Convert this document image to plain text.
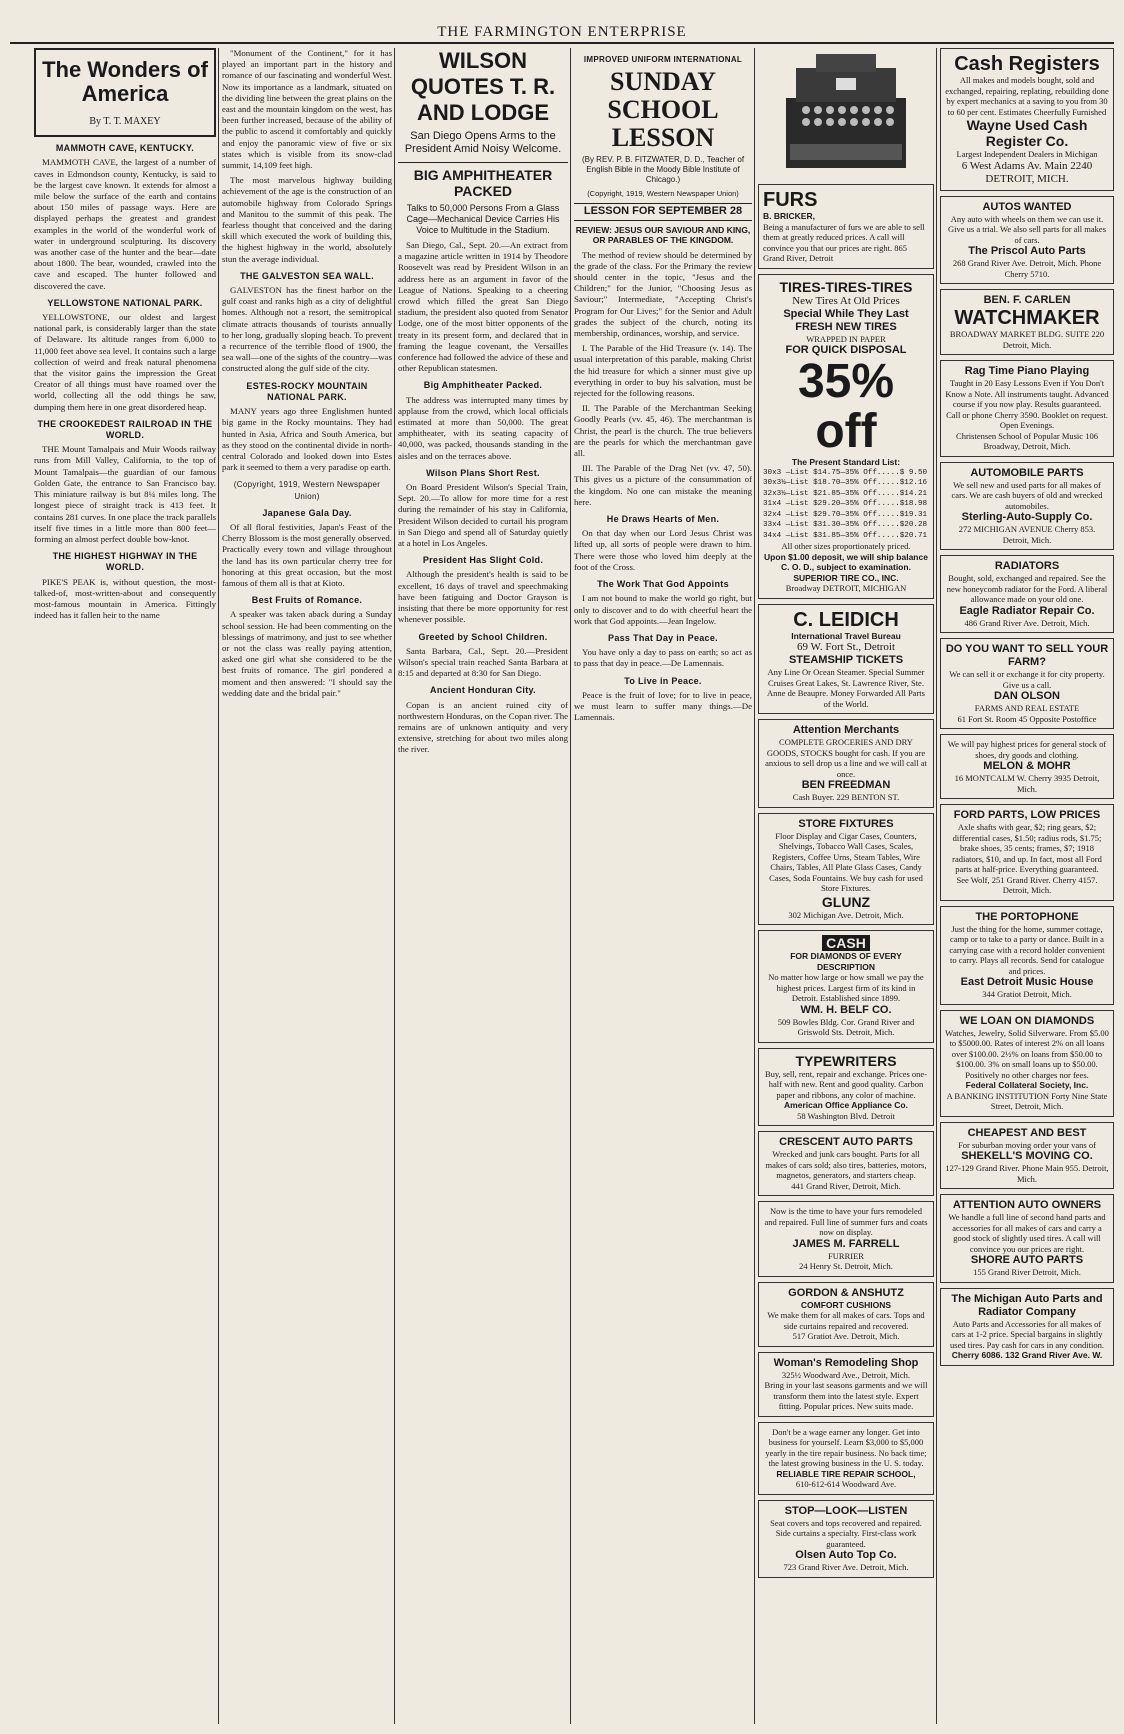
THE FARMINGTON ENTERPRISE
The Wonders of America
By T. T. MAXEY
MAMMOTH CAVE, KENTUCKY.

MAMMOTH CAVE, the largest of a number of caves in Edmondson county, Kentucky, is said to be the largest cave known. It extends for almost a mile below the surface of the earth and contains about 150 miles of passage ways. Here are displayed perhaps the greatest and grandest examples in the world of the wonderful work of water in underground sculpturing. Its discovery was another case of the hunter and the bear—date about 1800. The bear, wounded, crawled into the cave and escaped. The hunter followed and discovered the cave.

YELLOWSTONE NATIONAL PARK.

YELLOWSTONE, our oldest and largest national park, is considerably larger than the state of Delaware. Its altitude ranges from 6,000 to 11,000 feet above sea level. It contains such a large collection of weird and freak natural phenomena that the visitor gains the impression the Great Creator of all things must have roamed over the world, collecting all the odd things he saw, dumping them here in one great disordered heap.

THE CROOKEDEST RAILROAD IN THE WORLD.

THE Mount Tamalpais and Muir Woods railway runs from Mill Valley, California, to the top of Mount Tamalpais—the guardian of our famous Golden Gate, the entrance to San Francisco bay. This miniature railway is but 8¼ miles long. The longest piece of straight track is 413 feet. It contains 281 curves. In one place the track parallels itself five times in a little more than 800 feet—forming an almost perfect double bow-knot.

THE HIGHEST HIGHWAY IN THE WORLD.

PIKE'S PEAK is, without question, the most-talked-of, most-written-about and consequently most-famous mountain in America. Fittingly indeed has it fallen heir to the name

"Monument of the Continent," for it has played an important part in the history and romance of our fascinating and wonderful West. Now its importance as a landmark, situated on the dividing line between the great plains on the east and the mountain kingdom on the west, has been further increased, because of the ability of the public to ascend it comfortably and quickly and enjoy the panoramic view of five or six states which is visible from its snow-clad summit, 14,109 feet high.

The most marvelous highway building achievement of the age is the construction of an automobile highway from Colorado Springs and Manitou to the summit of this peak. The fearless thought that conceived and the daring skill which executed the work of building this, the highest highway in the world, absolutely stun the average individual.

THE GALVESTON SEA WALL.

GALVESTON has the finest harbor on the gulf coast and ranks high as a city of delightful homes. Although not a resort, the semitropical climate attracts thousands of tourists annually to her long, gradually sloping beach. To prevent a recurrence of the terrible flood of 1900, the sea wall—one of the sights of the country—was constructed along the gulf side of the city.

ESTES-ROCKY MOUNTAIN NATIONAL PARK.

MANY years ago three Englishmen hunted big game in the Rocky mountains. They had hunted in Asia, Africa and South America, but as they stood on the continental divide in north-central Colorado and looked down into Estes park it seemed to them a very paradise op earth.

(Copyright, 1919, Western Newspaper Union)
Japanese Gala Day.

Of all floral festivities, Japan's Feast of the Cherry Blossom is the most generally observed. Practically every town and village throughout the land has its own particular cherry tree for honoring at this great occasion, but the most famous of them all is that at Kioto.

Best Fruits of Romance.

A speaker was taken aback during a Sunday school session. He had been commenting on the blessings of matrimony, and just to see whether or not the class was really paying attention, asked one girl what she considered to be the best fruits of romance. The girl pondered a moment and then answered: "I should say the wedding date and the bridal pair."

WILSON QUOTES T. R. AND LODGE
San Diego Opens Arms to the President Amid Noisy Welcome.
BIG AMPHITHEATER PACKED
Talks to 50,000 Persons From a Glass Cage—Mechanical Device Carries His Voice to Multitude in the Stadium.

San Diego, Cal., Sept. 20.—An extract from a magazine article written in 1914 by Theodore Roosevelt was read by President Wilson in an address here as an argument in favor of the League of Nations. Speaking to a cheering crowd which filled the great San Diego stadium, the president also quoted from Senator Lodge, one of the most bitter opponents of the treaty in its present form, and declared that in framing the league covenant, the Versailles conference had followed the advice of these and other Republican statesmen.

Big Amphitheater Packed.

The address was interrupted many times by applause from the crowd, which local officials estimated at more than 50,000. The great amphitheater, with its seating capacity of 40,000, was packed, thousands standing in the aisles and on the terraces above.

Wilson Plans Short Rest.

On Board President Wilson's Special Train, Sept. 20.—To allow for more time for a rest during the remainder of his stay in California, President Wilson decided to curtail his program in San Diego and spend all of Saturday quietly at a hotel in Los Angeles.

President Has Slight Cold.

Although the president's health is said to be excellent, 16 days of travel and speechmaking have been fatiguing and Doctor Grayson is insisting that there be more opportunity for rest whenever possible.

Greeted by School Children.

Santa Barbara, Cal., Sept. 20.—President Wilson's special train reached Santa Barbara at 8:15 and departed at 8:30 for San Diego.

Ancient Honduran City.

Copan is an ancient ruined city of northwestern Honduras, on the Copan river. The remains are of unknown antiquity and very extensive, stretching for about two miles along the river.

IMPROVED UNIFORM INTERNATIONAL
SUNDAY SCHOOL
LESSON
(By REV. P. B. FITZWATER, D. D., Teacher of English Bible in the Moody Bible Institute of Chicago.)
(Copyright, 1919, Western Newspaper Union)
LESSON FOR SEPTEMBER 28
REVIEW: JESUS OUR SAVIOUR AND KING, OR PARABLES OF THE KINGDOM.

The method of review should be determined by the grade of the class. For the Primary the review should center in the topic, "Jesus and the Children;" for the Junior, "Choosing Jesus as Saviour;" Intermediate, "Accepting Christ's Program for Our Lives;" for the Senior and Adult grades the subject of the church, noting its membership, ordinances, worship, and service.

I. The Parable of the Hid Treasure (v. 14). The usual interpretation of this parable, making Christ the hid treasure for which a sinner must give up everything in order to buy his salvation, must be rejected for the following reasons.

II. The Parable of the Merchantman Seeking Goodly Pearls (vv. 45, 46). The merchantman is Christ, the pearl is the church. The true believers are the pearls for which the merchantman gave all.

III. The Parable of the Drag Net (vv. 47, 50). This gives us a picture of the consummation of the kingdom. No one can mistake the meaning here.

He Draws Hearts of Men.

On that day when our Lord Jesus Christ was lifted up, all sorts of people were drawn to him. There were those who loved him deeply at the foot of the Cross.

The Work That God Appoints

I am not bound to make the world go right, but only to discover and to do with cheerful heart the work that God appoints.—Jean Ingelow.

Pass That Day in Peace.

You have only a day to pass on earth; so act as to pass that day in peace.—De Lamennais.

To Live in Peace.

Peace is the fruit of love; for to live in peace, we must learn to suffer many things.—De Lamennais.

FURS
B. BRICKER,
Being a manufacturer of furs we are able to sell them at greatly reduced prices. A call will convince you that our prices are right. 865 Grand River, Detroit
TIRES-TIRES-TIRES
New Tires At Old Prices
Special While They Last
FRESH NEW TIRES
WRAPPED IN PAPER
FOR QUICK DISPOSAL
35% off
The Present Standard List:
30x3 —List $14.75—35% Off.....$ 9.50
30x3½—List $18.70—35% Off.....$12.16
32x3½—List $21.85—35% Off.....$14.21
31x4 —List $29.20—35% Off.....$18.98
32x4 —List $29.70—35% Off.....$19.31
33x4 —List $31.30—35% Off.....$20.28
34x4 —List $31.85—35% Off.....$20.71
All other sizes proportionately priced.
Upon $1.00 deposit, we will ship balance C. O. D., subject to examination.
SUPERIOR TIRE CO., INC.
Broadway DETROIT, MICHIGAN
C. LEIDICH
International Travel Bureau
69 W. Fort St., Detroit
STEAMSHIP TICKETS
Any Line Or Ocean Steamer. Special Summer Cruises Great Lakes, St. Lawrence River, Ste. Anne de Beaupre. Money Forwarded All Parts of the World.
Attention Merchants
COMPLETE GROCERIES AND DRY GOODS, STOCKS bought for cash. If you are anxious to sell drop us a line and we will call at once.
BEN FREEDMAN
Cash Buyer. 229 BENTON ST.
STORE FIXTURES
Floor Display and Cigar Cases, Counters, Shelvings, Tobacco Wall Cases, Scales, Registers, Coffee Urns, Steam Tables, Wire Chairs, Tables, All Plate Glass Cases, Candy Cases, Soda Fountains. We buy cash for used Store Fixtures.
GLUNZ
302 Michigan Ave. Detroit, Mich.
CASH
FOR DIAMONDS OF EVERY DESCRIPTION
No matter how large or how small we pay the highest prices. Largest firm of its kind in Detroit. Established since 1899.
WM. H. BELF CO.
509 Bowles Bldg. Cor. Grand River and Griswold Sts. Detroit, Mich.
TYPEWRITERS
Buy, sell, rent, repair and exchange. Prices one-half with new. Rent and good quality. Carbon paper and ribbons, any color of machine.
American Office Appliance Co.
58 Washington Blvd. Detroit
CRESCENT AUTO PARTS
Wrecked and junk cars bought. Parts for all makes of cars sold; also tires, batteries, motors, magnetos, generators, and starters cheap.
441 Grand River, Detroit, Mich.
Now is the time to have your furs remodeled and repaired. Full line of summer furs and coats now on display.
JAMES M. FARRELL
FURRIER
24 Henry St. Detroit, Mich.
GORDON & ANSHUTZ
COMFORT CUSHIONS
We make them for all makes of cars. Tops and side curtains repaired and recovered.
517 Gratiot Ave. Detroit, Mich.
Woman's Remodeling Shop
325½ Woodward Ave., Detroit, Mich.
Bring in your last seasons garments and we will transform them into the latest style. Expert fitting. Popular prices. New suits made.
Don't be a wage earner any longer. Get into business for yourself. Learn $3,000 to $5,000 yearly in the tire repair business. No back time; the latest growing business in the U. S. today.
RELIABLE TIRE REPAIR SCHOOL,
610-612-614 Woodward Ave.
STOP—LOOK—LISTEN
Seat covers and tops recovered and repaired. Side curtains a specialty. First-class work guaranteed.
Olsen Auto Top Co.
723 Grand River Ave. Detroit, Mich.
Cash Registers
All makes and models bought, sold and exchanged, repairing, replating, rebuilding done by expert mechanics at a saving to you from 30 to 60 per cent. Estimates Cheerfully Furnished
Wayne Used Cash Register Co.
Largest Independent Dealers in Michigan
6 West Adams Av. Main 2240 DETROIT, MICH.
AUTOS WANTED
Any auto with wheels on them we can use it. Give us a trial. We also sell parts for all makes of cars.
The Priscol Auto Parts
268 Grand River Ave. Detroit, Mich. Phone Cherry 5710.
BEN. F. CARLEN
WATCHMAKER
BROADWAY MARKET BLDG. SUITE 220 Detroit, Mich.
Rag Time Piano Playing
Taught in 20 Easy Lessons Even if You Don't Know a Note. All instruments taught. Advanced course if you now play. Results guaranteed. Call or phone Cherry 3590. Booklet on request. Open Evenings.
Christensen School of Popular Music 106 Broadway, Detroit, Mich.
AUTOMOBILE PARTS
We sell new and used parts for all makes of cars. We are cash buyers of old and wrecked automobiles.
Sterling-Auto-Supply Co.
272 MICHIGAN AVENUE Cherry 853. Detroit, Mich.
RADIATORS
Bought, sold, exchanged and repaired. See the new honeycomb radiator for the Ford. A liberal allowance made on your old one.
Eagle Radiator Repair Co.
486 Grand River Ave. Detroit, Mich.
DO YOU WANT TO SELL YOUR FARM?
We can sell it or exchange it for city property. Give us a call.
DAN OLSON
FARMS AND REAL ESTATE
61 Fort St. Room 45 Opposite Postoffice
We will pay highest prices for general stock of shoes, dry goods and clothing.
MELON & MOHR
16 MONTCALM W. Cherry 3935 Detroit, Mich.
FORD PARTS, LOW PRICES
Axle shafts with gear, $2; ring gears, $2; differential cases, $1.50; radius rods, $1.75; brake shoes, 35 cents; frames, $7; 1918 radiators, $10, and up. In fact, most all Ford parts at half-price. Everything guaranteed.
See Wolf, 251 Grand River. Cherry 4157. Detroit, Mich.
THE PORTOPHONE
Just the thing for the home, summer cottage, camp or to take to a party or dance. Built in a carrying case with a record holder convenient to carry. Plays all records. Send for catalogue and prices.
East Detroit Music House
344 Gratiot Detroit, Mich.
WE LOAN ON DIAMONDS
Watches, Jewelry, Solid Silverware. From $5.00 to $5000.00. Rates of interest 2% on all loans over $100.00. 2½% on loans from $50.00 to $100.00. 3% on small loans up to $50.00. Positively no other charges nor fees.
Federal Collateral Society, Inc.
A BANKING INSTITUTION Forty Nine State Street, Detroit, Mich.
CHEAPEST AND BEST
For suburban moving order your vans of
SHEKELL'S MOVING CO.
127-129 Grand River. Phone Main 955. Detroit, Mich.
ATTENTION AUTO OWNERS
We handle a full line of second hand parts and accessories for all makes of cars and carry a good stock of slightly used tires. A call will convince you our prices are right.
SHORE AUTO PARTS
155 Grand River Detroit, Mich.
The Michigan Auto Parts and Radiator Company
Auto Parts and Accessories for all makes of cars at 1-2 price. Special bargains in slightly used tires. Pay cash for cars in any condition.
Cherry 6086. 132 Grand River Ave. W.
